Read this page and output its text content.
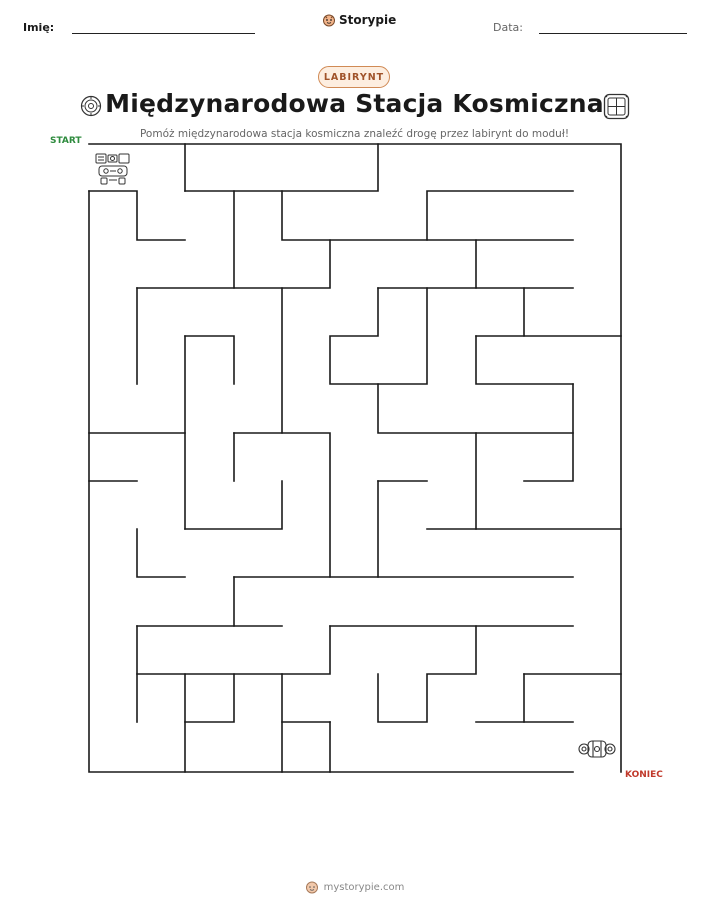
Imię:
Storypie
Data:
LABIRYNT
Międzynarodowa Stacja Kosmiczna
Pomóż międzynarodowa stacja kosmiczna znaleźć drogę przez labirynt do moduł!
START
KONIEC
mystorypie.com
